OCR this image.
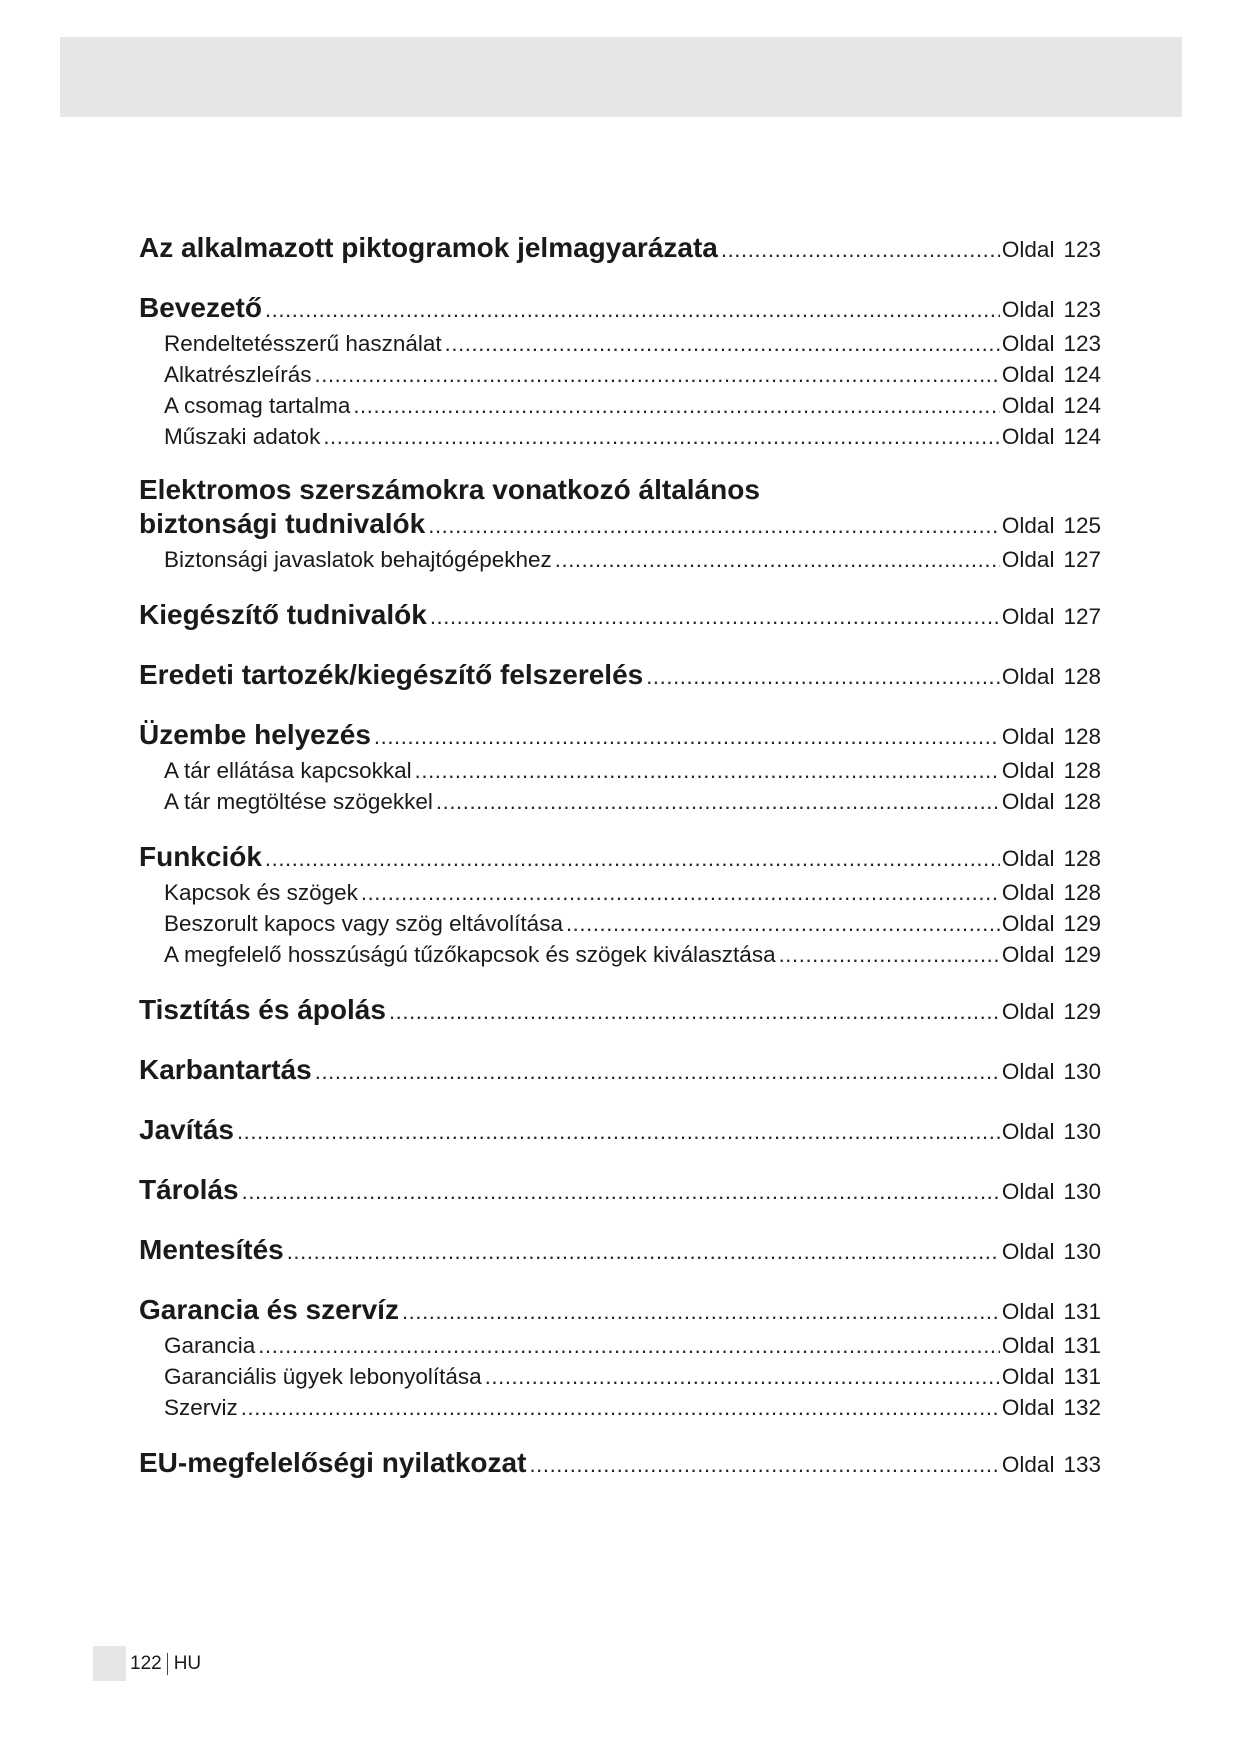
Az alkalmazott piktogramok jelmagyarázata .....	Oldal 123
Bevezető .....	Oldal 123
Rendeltetésszerű használat .....	Oldal 123
Alkatrészleírás .....	Oldal 124
A csomag tartalma .....	Oldal 124
Műszaki adatok .....	Oldal 124
Elektromos szerszámokra vonatkozó általános
biztonsági tudnivalók .....	Oldal 125
Biztonsági javaslatok behajtógépekhez .....	Oldal 127
Kiegészítő tudnivalók .....	Oldal 127
Eredeti tartozék/kiegészítő felszerelés .....	Oldal 128
Üzembe helyezés .....	Oldal 128
A tár ellátása kapcsokkal .....	Oldal 128
A tár megtöltése szögekkel .....	Oldal 128
Funkciók .....	Oldal 128
Kapcsok és szögek .....	Oldal 128
Beszorult kapocs vagy szög eltávolítása .....	Oldal 129
A megfelelő hosszúságú tűzőkapcsok és szögek kiválasztása .....	Oldal 129
Tisztítás és ápolás .....	Oldal 129
Karbantartás .....	Oldal 130
Javítás .....	Oldal 130
Tárolás .....	Oldal 130
Mentesítés .....	Oldal 130
Garancia és szervíz .....	Oldal 131
Garancia .....	Oldal 131
Garanciális ügyek lebonyolítása .....	Oldal 131
Szerviz .....	Oldal 132
EU-megfelelőségi nyilatkozat .....	Oldal 133
122 HU
